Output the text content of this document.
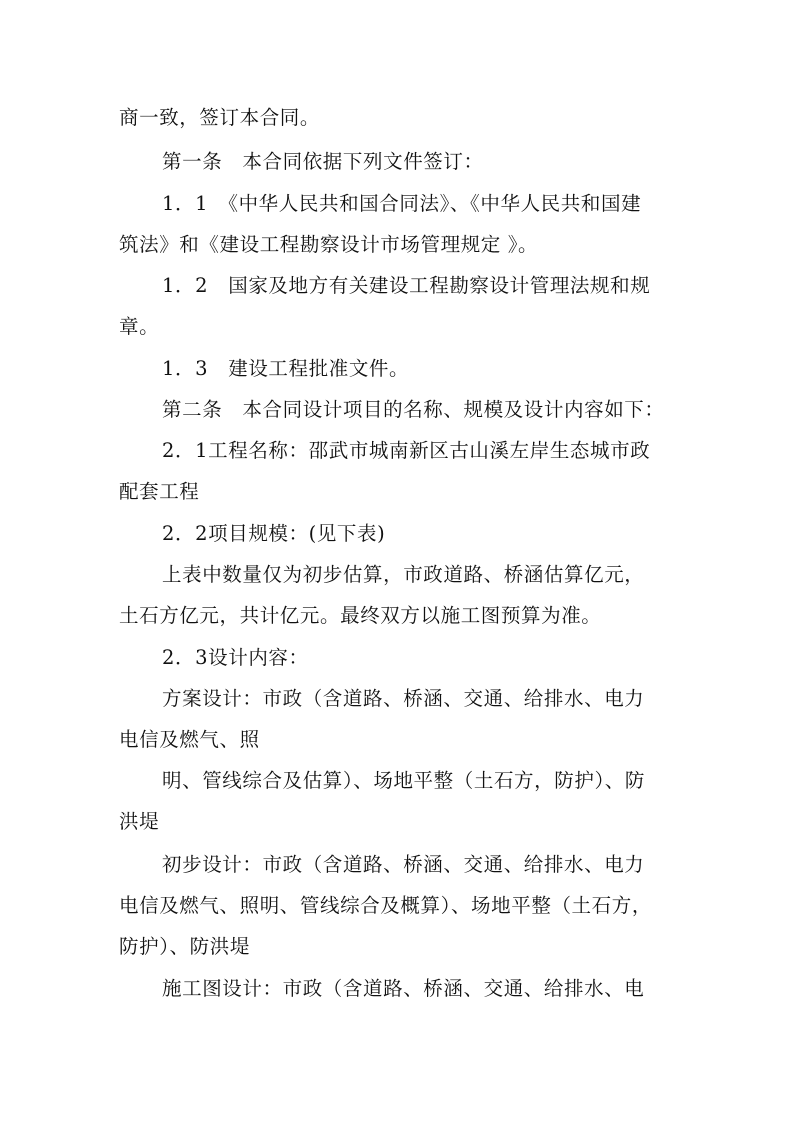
商一致，签订本合同。
第一条　本合同依据下列文件签订：
1．1　《中华人民共和国合同法》、《中华人民共和国建
筑法》和《建设工程勘察设计市场管理规定 》。
1．2　国家及地方有关建设工程勘察设计管理法规和规
章。
1．3　建设工程批准文件。
第二条　本合同设计项目的名称、规模及设计内容如下：
2．1工程名称：邵武市城南新区古山溪左岸生态城市政
配套工程
2．2项目规模：(见下表)
上表中数量仅为初步估算，市政道路、桥涵估算亿元，
土石方亿元，共计亿元。最终双方以施工图预算为准。
2．3设计内容：
方案设计：市政（含道路、桥涵、交通、给排水、电力
电信及燃气、照
明、管线综合及估算）、场地平整（土石方，防护）、防
洪堤
初步设计：市政（含道路、桥涵、交通、给排水、电力
电信及燃气、照明、管线综合及概算）、场地平整（土石方，
防护）、防洪堤
施工图设计：市政（含道路、桥涵、交通、给排水、电
